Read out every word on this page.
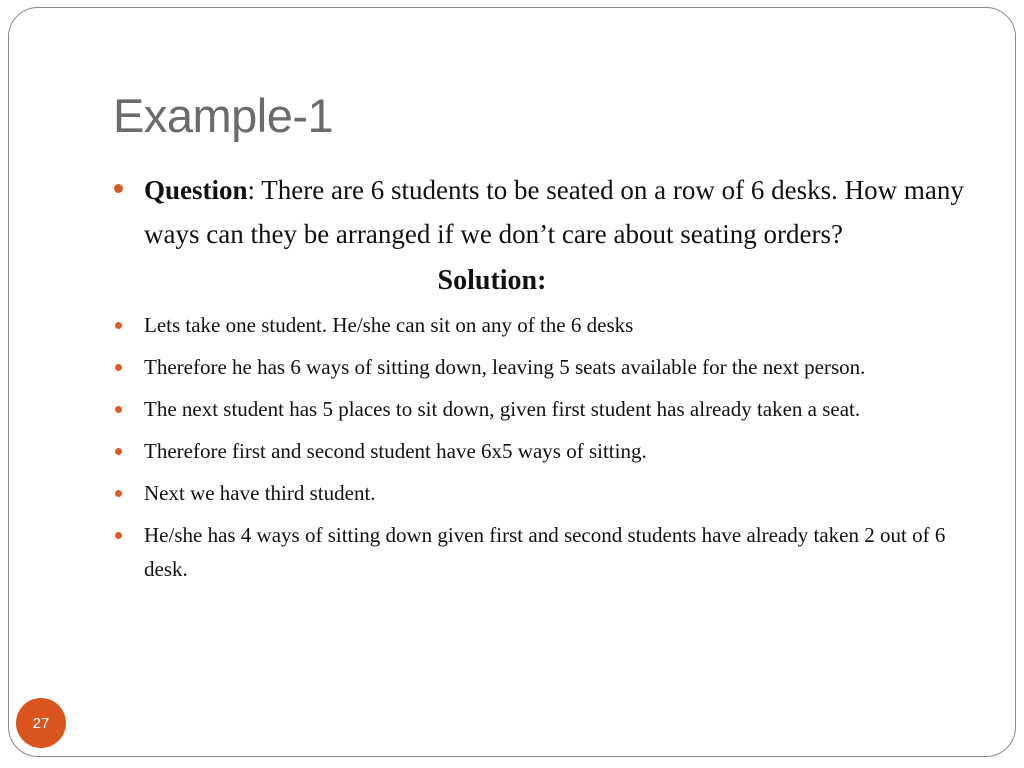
Example-1
Question: There are 6 students to be seated on a row of 6 desks. How many ways can they be arranged if we don’t care about seating orders?
Solution:
Lets take one student. He/she can sit on any of the 6 desks
Therefore he has 6 ways of sitting down, leaving 5 seats available for the next person.
The next student has 5 places to sit down, given first student has already taken a seat.
Therefore first and second student have 6x5 ways of sitting.
Next we have third student.
He/she has 4 ways of sitting down given first and second students have already taken 2 out of 6 desk.
27
